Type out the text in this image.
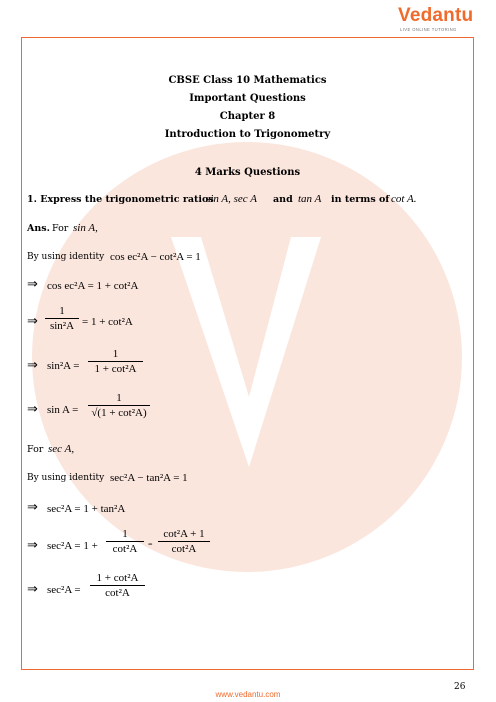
Vedantu
LIVE ONLINE TUTORING
CBSE Class 10 Mathematics
Important Questions
Chapter 8
Introduction to Trigonometry
4 Marks Questions
1. Express the trigonometric ratios
sin A, sec A and tan A in terms of cot A.
Ans. For sin A,
By using identity cos ec²A − cot²A = 1
⇒ cos ec²A = 1 + cot²A
⇒
1
sin²A = 1 + cot²A
⇒ sin²A =
1
1 + cot²A
⇒ sin A =
1
√(1 + cot²A)
For sec A,
By using identity sec²A − tan²A = 1
⇒ sec²A = 1 + tan²A
⇒ sec²A = 1 +
1
cot²A	=
cot²A + 1
cot²A
⇒ sec²A =
1 + cot²A
cot²A
26
www.vedantu.com
